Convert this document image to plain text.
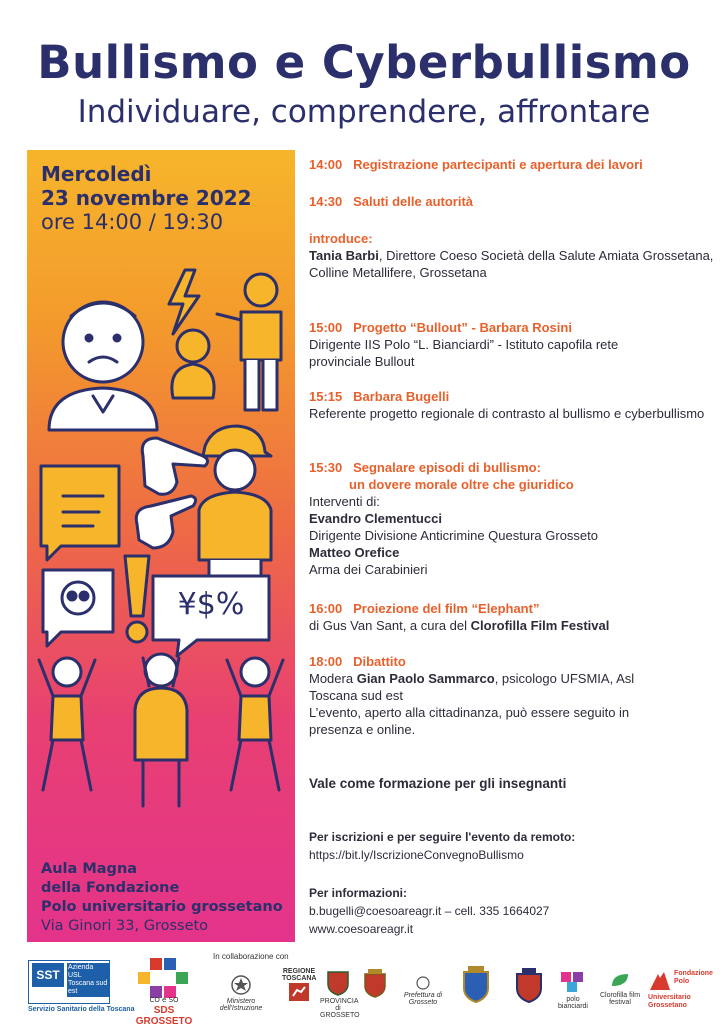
Bullismo e Cyberbullismo
Individuare, comprendere, affrontare
Mercoledì
23 novembre 2022
ore 14:00 / 19:30
¥$%
Aula Magna
della Fondazione
Polo universitario grossetano
Via Ginori 33, Grosseto
14:00 Registrazione partecipanti e apertura dei lavori
14:30 Saluti delle autorità
introduce:
Tania Barbi, Direttore Coeso Società della Salute Amiata Grossetana, Colline Metallifere, Grossetana
15:00 Progetto “Bullout” - Barbara Rosini
Dirigente IIS Polo “L. Bianciardi” - Istituto capofila rete provinciale Bullout
15:15 Barbara Bugelli
Referente progetto regionale di contrasto al bullismo e cyberbullismo
15:30 Segnalare episodi di bullismo:
un dovere morale oltre che giuridico
Interventi di:
Evandro Clementucci
Dirigente Divisione Anticrimine Questura Grosseto
Matteo Orefice
Arma dei Carabinieri
16:00 Proiezione del film “Elephant”
di Gus Van Sant, a cura del Clorofilla Film Festival
18:00 Dibattito
Modera Gian Paolo Sammarco, psicologo UFSMIA, Asl Toscana sud est
L’evento, aperto alla cittadinanza, può essere seguito in presenza e online.
Vale come formazione per gli insegnanti
Per iscrizioni e per seguire l'evento da remoto:
https://bit.ly/IscrizioneConvegnoBullismo
Per informazioni:
b.bugelli@coesoareagr.it – cell. 335 1664027
www.coesoareagr.it
In collaborazione con
SST
Azienda USL Toscana sud est
Servizio Sanitario della Toscana
CO e SO
SDS GROSSETO
Ministero dell'Istruzione
REGIONE TOSCANA
PROVINCIA di GROSSETO
Prefettura di Grosseto	polo bianciardi
Clorofilla film festival
Fondazione Polo Universitario Grossetano
